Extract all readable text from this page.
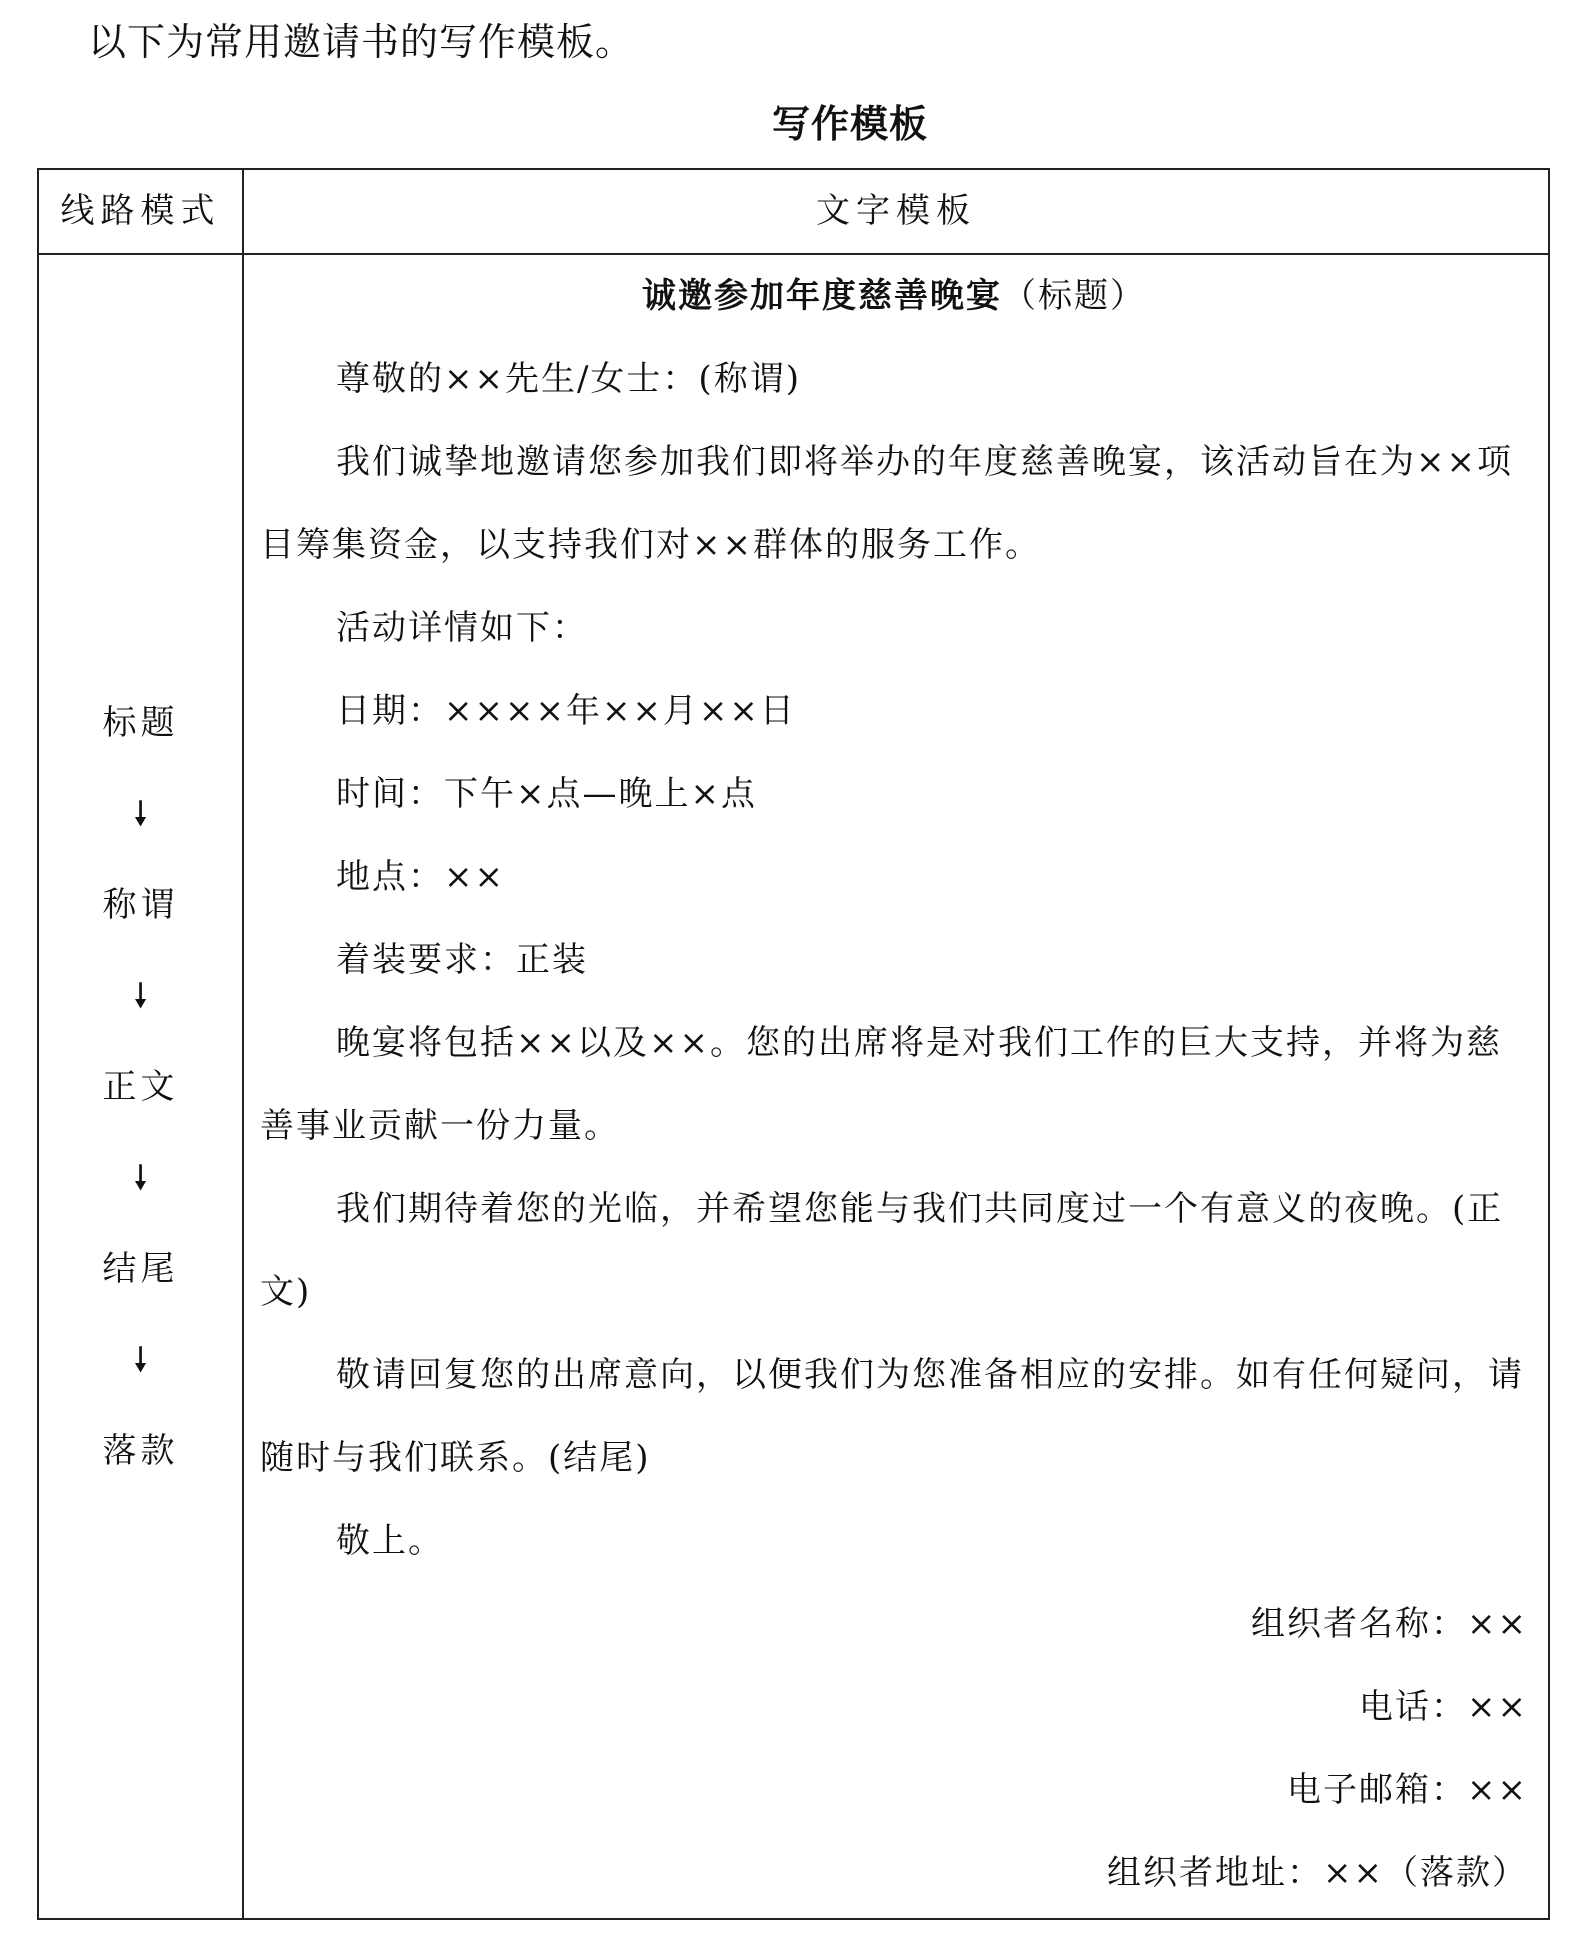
以下为常用邀请书的写作模板。
写作模板
线路模式	文字模板
标题
🠗
称谓
🠗
正文
🠗
结尾
🠗
落款

诚邀参加年度慈善晚宴（标题）

尊敬的××先生/女士：(称谓)

我们诚挚地邀请您参加我们即将举办的年度慈善晚宴，该活动旨在为××项目筹集资金，以支持我们对××群体的服务工作。

活动详情如下：

日期：××××年××月××日

时间：下午×点—晚上×点

地点：××

着装要求：正装

晚宴将包括××以及××。您的出席将是对我们工作的巨大支持，并将为慈善事业贡献一份力量。

我们期待着您的光临，并希望您能与我们共同度过一个有意义的夜晚。(正文)

敬请回复您的出席意向，以便我们为您准备相应的安排。如有任何疑问，请随时与我们联系。(结尾)

敬上。

组织者名称：××

电话：××

电子邮箱：××

组织者地址：××（落款）
